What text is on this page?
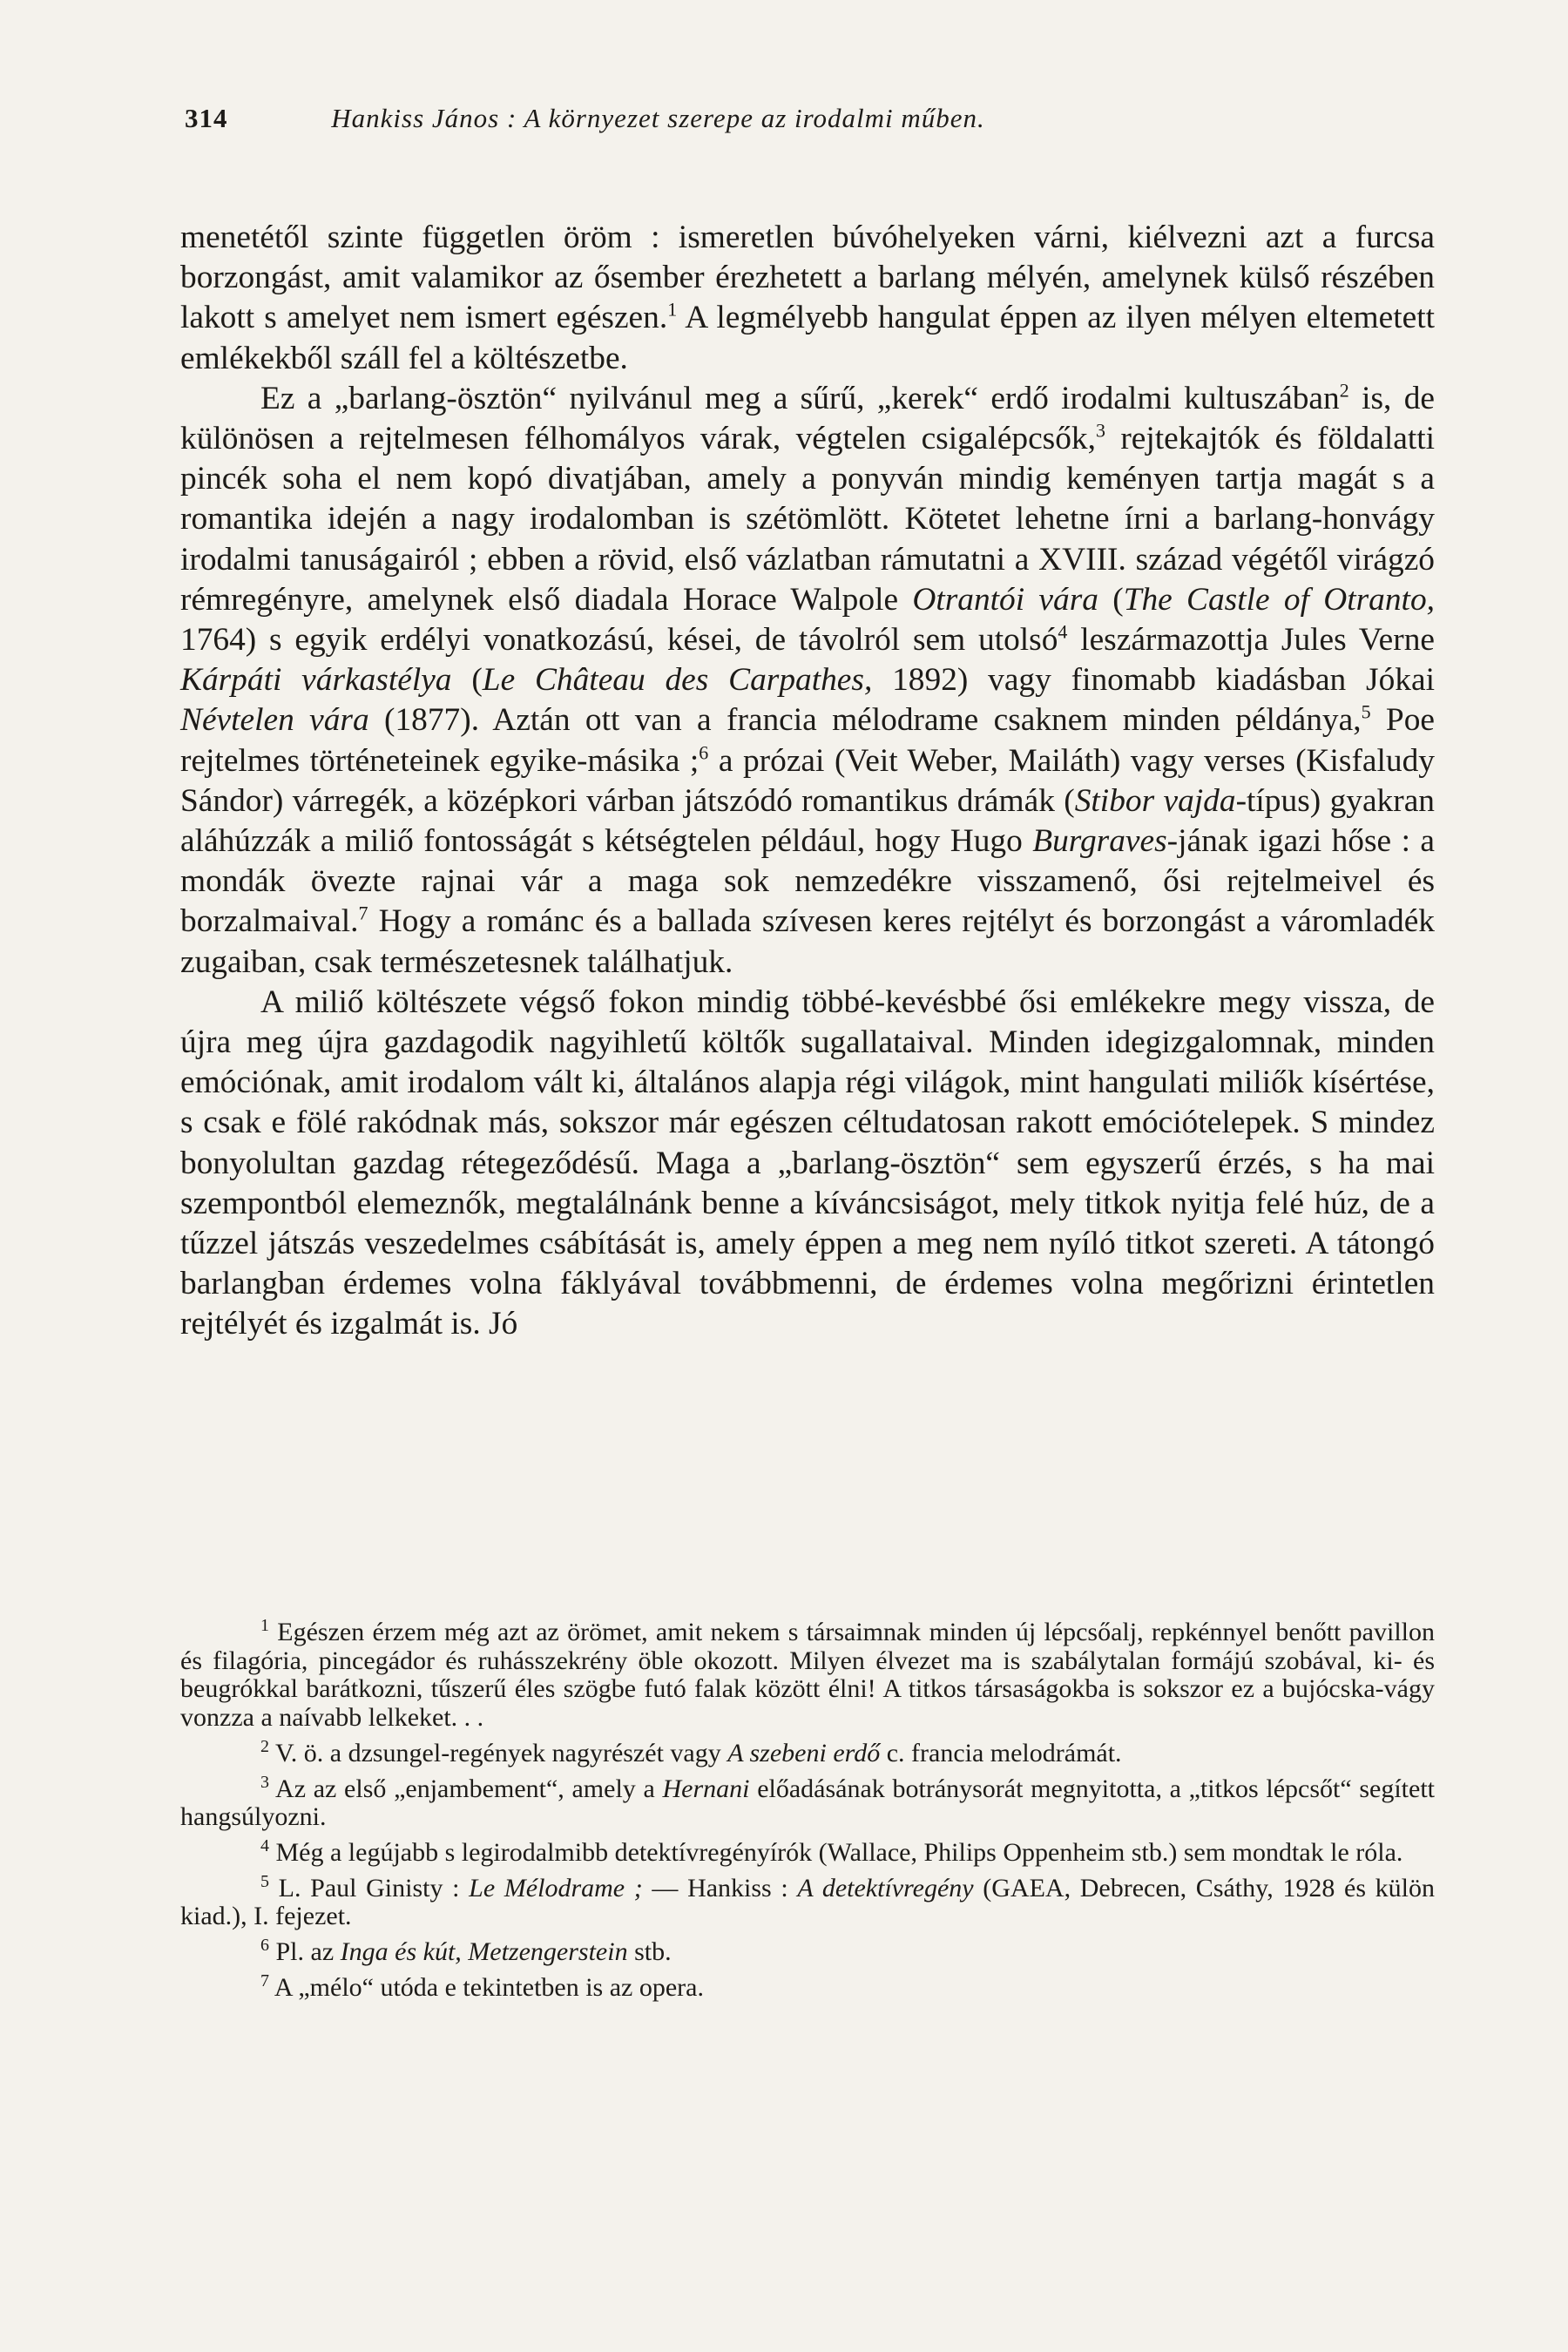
314	Hankiss János : A környezet szerepe az irodalmi műben.

menetétől szinte független öröm : ismeretlen búvóhelyeken várni, kiélvezni azt a furcsa borzongást, amit valamikor az ősember érezhetett a barlang mélyén, amelynek külső részében lakott s amelyet nem ismert egészen.$^1$ A legmélyebb hangulat éppen az ilyen mélyen eltemetett emlékekből száll fel a költészetbe.

Ez a „barlang-ösztön“ nyilvánul meg a sűrű, „kerek“ erdő irodalmi kultuszában$^2$ is, de különösen a rejtelmesen félhomályos várak, végtelen csigalépcsők,$^3$ rejtekajtók és földalatti pincék soha el nem kopó divatjában, amely a ponyván mindig keményen tartja magát s a romantika idején a nagy irodalomban is szétömlött. Kötetet lehetne írni a barlang-honvágy irodalmi tanuságairól ; ebben a rövid, első vázlatban rámutatni a XVIII. század végétől virágzó rémregényre, amelynek első diadala Horace Walpole Otrantói vára (The Castle of Otranto, 1764) s egyik erdélyi vonatkozású, kései, de távolról sem utolsó$^4$ leszármazottja Jules Verne Kárpáti várkastélya (Le Château des Carpathes, 1892) vagy finomabb kiadásban Jókai Névtelen vára (1877). Aztán ott van a francia mélodrame csaknem minden példánya,$^5$ Poe rejtelmes történeteinek egyike-másika ;$^6$ a prózai (Veit Weber, Mailáth) vagy verses (Kisfaludy Sándor) várregék, a középkori várban játszódó romantikus drámák (Stibor vajda-típus) gyakran aláhúzzák a miliő fontosságát s kétségtelen például, hogy Hugo Burgraves-jának igazi hőse : a mondák övezte rajnai vár a maga sok nemzedékre visszamenő, ősi rejtelmeivel és borzalmaival.$^7$ Hogy a románc és a ballada szívesen keres rejtélyt és borzongást a váromladék zugaiban, csak természetesnek találhatjuk.

A miliő költészete végső fokon mindig többé-kevésbbé ősi emlékekre megy vissza, de újra meg újra gazdagodik nagyihletű költők sugallataival. Minden idegizgalomnak, minden emóciónak, amit irodalom vált ki, általános alapja régi világok, mint hangulati miliők kísértése, s csak e fölé rakódnak más, sokszor már egészen céltudatosan rakott emóciótelepek. S mindez bonyolultan gazdag rétegeződésű. Maga a „barlang-ösztön“ sem egyszerű érzés, s ha mai szempontból elemeznők, megtalálnánk benne a kíváncsiságot, mely titkok nyitja felé húz, de a tűzzel játszás veszedelmes csábítását is, amely éppen a meg nem nyíló titkot szereti. A tátongó barlangban érdemes volna fáklyával továbbmenni, de érdemes volna megőrizni érintetlen rejtélyét és izgalmát is. Jó

$^1$ Egészen érzem még azt az örömet, amit nekem s társaimnak minden új lépcsőalj, repkénnyel benőtt pavillon és filagória, pincegádor és ruhásszekrény öble okozott. Milyen élvezet ma is szabálytalan formájú szobával, ki- és beugrókkal barátkozni, tűszerű éles szögbe futó falak között élni! A titkos társaságokba is sokszor ez a bujócska-vágy vonzza a naívabb lelkeket. . .

$^2$ V. ö. a dzsungel-regények nagyrészét vagy A szebeni erdő c. francia melodrámát.

$^3$ Az az első „enjambement“, amely a Hernani előadásának botránysorát megnyitotta, a „titkos lépcsőt“ segített hangsúlyozni.

$^4$ Még a legújabb s legirodalmibb detektívregényírók (Wallace, Philips Oppenheim stb.) sem mondtak le róla.

$^5$ L. Paul Ginisty : Le Mélodrame ; — Hankiss : A detektívregény (GAEA, Debrecen, Csáthy, 1928 és külön kiad.), I. fejezet.

$^6$ Pl. az Inga és kút, Metzengerstein stb.

$^7$ A „mélo“ utóda e tekintetben is az opera.
